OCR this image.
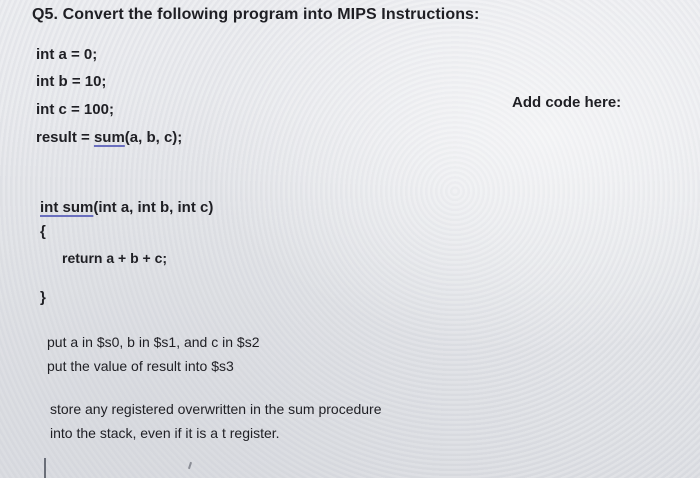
Q5. Convert the following program into MIPS Instructions:
int a = 0;
int b = 10;
int c = 100;
result = sum(a, b, c);
int sum(int a, int b, int c)
{
return a + b + c;
}
Add code here:
put a in $s0, b in $s1, and c in $s2
put the value of result into $s3
store any registered overwritten in the sum procedure
into the stack, even if it is a t register.
